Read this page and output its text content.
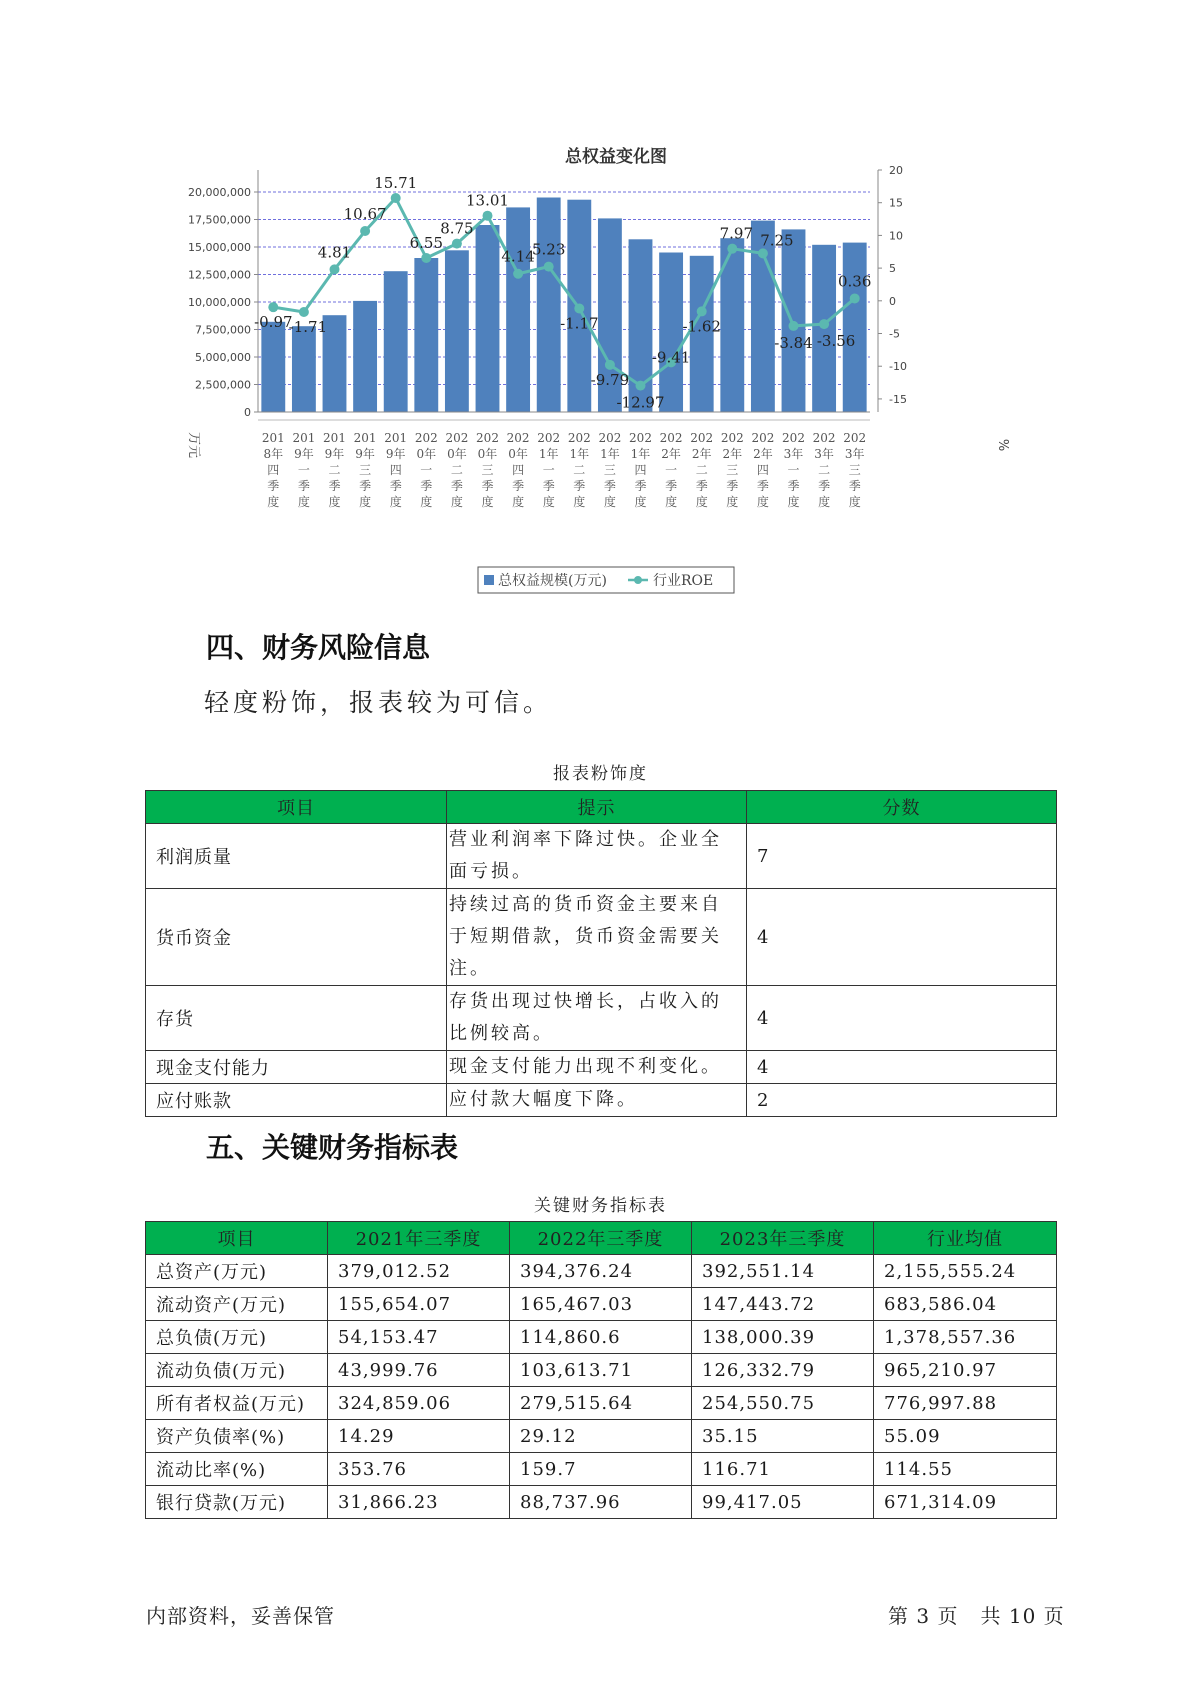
总权益变化图
万元	%
0
2,500,000
5,000,000
7,500,000
10,000,000
12,500,000
15,000,000
17,500,000
20,000,000
20
15
10
5
0
-5
-10
-15
-0.97
-1.71
4.81
10.67
15.71
6.55
8.75
13.01
4.14
5.23
-1.17
-9.79
-12.97
-9.41
-1.62
7.97 7.25
-3.84 -3.56
0.36
201
8年
四
季
度
201
9年
一
季
度
201
9年
二
季
度
201
9年
三
季
度
201
9年
四
季
度
202
0年
一
季
度
202
0年
二
季
度
202
0年
三
季
度
202
0年
四
季
度
202
1年
一
季
度
202
1年
二
季
度
202
1年
三
季
度
202
1年
四
季
度
202
2年
一
季
度
202
2年
二
季
度
202
2年
三
季
度
202
2年
四
季
度
202
3年
一
季
度
202
3年
二
季
度
202
3年
三
季
度
总权益规模(万元)	行业ROE
四、财务风险信息

轻度粉饰，报表较为可信。

报表粉饰度
项目	提示	分数
利润质量	营业利润率下降过快。企业全面亏损。	7
货币资金	持续过高的货币资金主要来自于短期借款，货币资金需要关注。	4
存货	存货出现过快增长，占收入的比例较高。	4
现金支付能力	现金支付能力出现不利变化。	4
应付账款	应付款大幅度下降。	2
五、关键财务指标表
关键财务指标表
项目	2021年三季度	2022年三季度	2023年三季度	行业均值
总资产(万元)	379,012.52	394,376.24	392,551.14	2,155,555.24
流动资产(万元)	155,654.07	165,467.03	147,443.72	683,586.04
总负债(万元)	54,153.47	114,860.6	138,000.39	1,378,557.36
流动负债(万元)	43,999.76	103,613.71	126,332.79	965,210.97
所有者权益(万元)	324,859.06	279,515.64	254,550.75	776,997.88
资产负债率(%)	14.29	29.12	35.15	55.09
流动比率(%)	353.76	159.7	116.71	114.55
银行贷款(万元)	31,866.23	88,737.96	99,417.05	671,314.09
内部资料，妥善保管	第 3 页   共 10 页
